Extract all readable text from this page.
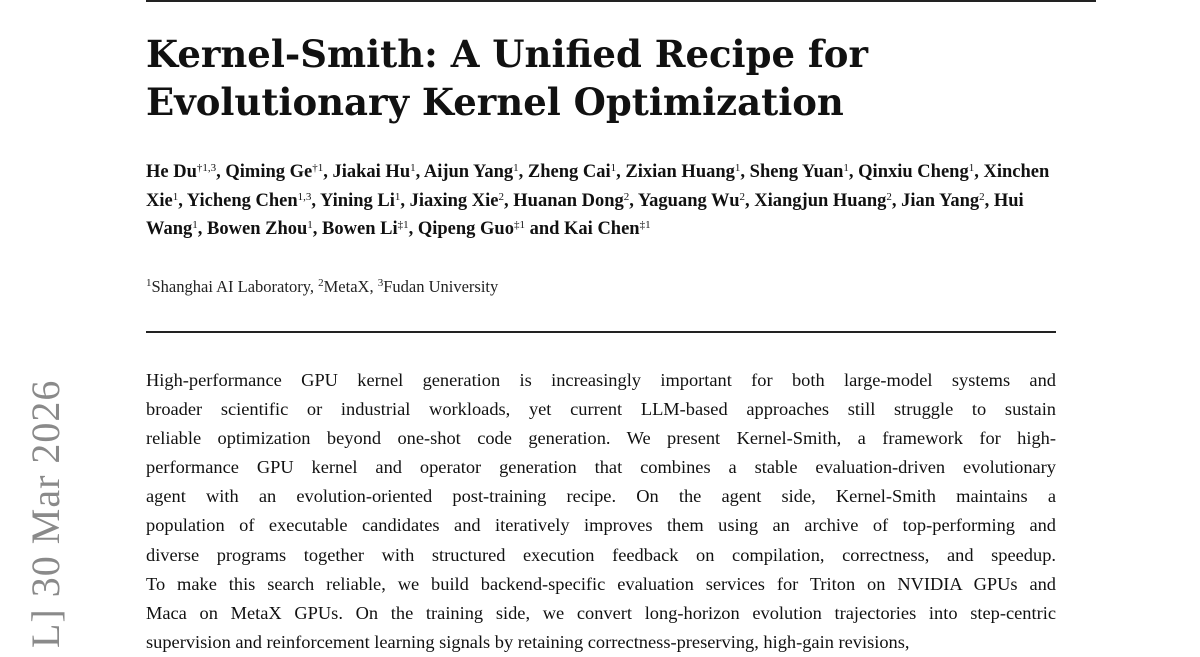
Kernel-Smith: A Unified Recipe for
Evolutionary Kernel Optimization
He Du$^{\dagger 1,3}$, Qiming Ge$^{\dagger 1}$, Jiakai Hu$^1$, Aijun Yang$^1$, Zheng Cai$^1$, Zixian Huang$^1$, Sheng Yuan$^1$, Qinxiu Cheng$^1$, Xinchen Xie$^1$, Yicheng Chen$^{1,3}$, Yining Li$^1$, Jiaxing Xie$^2$, Huanan Dong$^2$, Yaguang Wu$^2$, Xiangjun Huang$^2$, Jian Yang$^2$, Hui Wang$^1$, Bowen Zhou$^1$, Bowen Li$^{\ddagger 1}$, Qipeng Guo$^{\ddagger 1}$ and Kai Chen$^{\ddagger 1}$
$^1$Shanghai AI Laboratory, $^2$MetaX, $^3$Fudan University
High-performance GPU kernel generation is increasingly important for both large-model systems and
broader scientific or industrial workloads, yet current LLM-based approaches still struggle to sustain
reliable optimization beyond one-shot code generation. We present Kernel-Smith, a framework for high-
performance GPU kernel and operator generation that combines a stable evaluation-driven evolutionary
agent with an evolution-oriented post-training recipe. On the agent side, Kernel-Smith maintains a
population of executable candidates and iteratively improves them using an archive of top-performing and
diverse programs together with structured execution feedback on compilation, correctness, and speedup.
To make this search reliable, we build backend-specific evaluation services for Triton on NVIDIA GPUs and
Maca on MetaX GPUs. On the training side, we convert long-horizon evolution trajectories into step-centric
supervision and reinforcement learning signals by retaining correctness-preserving, high-gain revisions,
L] 30 Mar 2026
